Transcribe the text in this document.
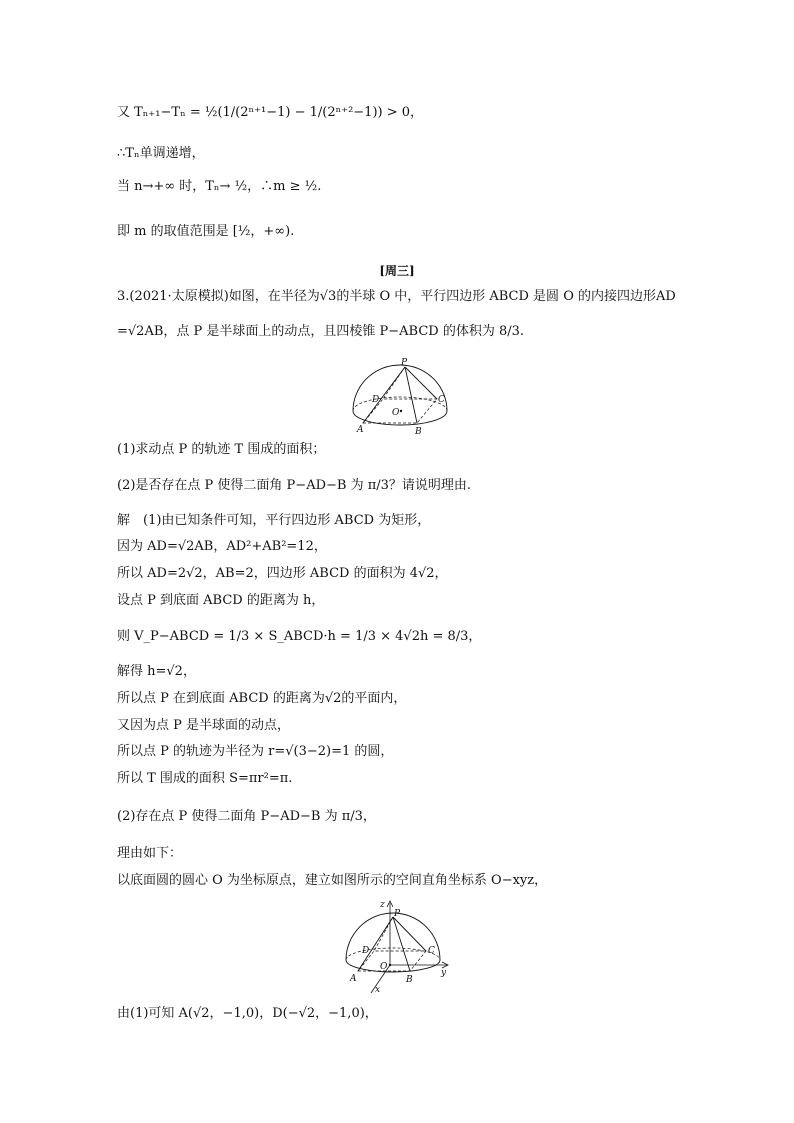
又 Tₙ₊₁−Tₙ = ½(1/(2ⁿ⁺¹−1) − 1/(2ⁿ⁺²−1)) > 0，
∴Tₙ单调递增，
当 n→+∞ 时，Tₙ→ ½，∴m ≥ ½.
即 m 的取值范围是 [½，+∞).
[周三]
3.(2021·太原模拟)如图，在半径为√3的半球 O 中，平行四边形 ABCD 是圆 O 的内接四边形AD
=√2AB，点 P 是半球面上的动点，且四棱锥 P−ABCD 的体积为 8/3.
P
D	C
O
A	B
(1)求动点 P 的轨迹 T 围成的面积；
(2)是否存在点 P 使得二面角 P−AD−B 为 π/3？请说明理由.
解　(1)由已知条件可知，平行四边形 ABCD 为矩形，
因为 AD=√2AB，AD²+AB²=12，
所以 AD=2√2，AB=2，四边形 ABCD 的面积为 4√2，
设点 P 到底面 ABCD 的距离为 h，
则 V_P−ABCD = 1/3 × S_ABCD·h = 1/3 × 4√2h = 8/3，
解得 h=√2，
所以点 P 在到底面 ABCD 的距离为√2的平面内，
又因为点 P 是半球面的动点，
所以点 P 的轨迹为半径为 r=√(3−2)=1 的圆，
所以 T 围成的面积 S=πr²=π.
(2)存在点 P 使得二面角 P−AD−B 为 π/3，
理由如下：
以底面圆的圆心 O 为坐标原点，建立如图所示的空间直角坐标系 O−xyz，
z
P
D	C
O
y
A	B
x
由(1)可知 A(√2，−1,0)，D(−√2，−1,0)，
